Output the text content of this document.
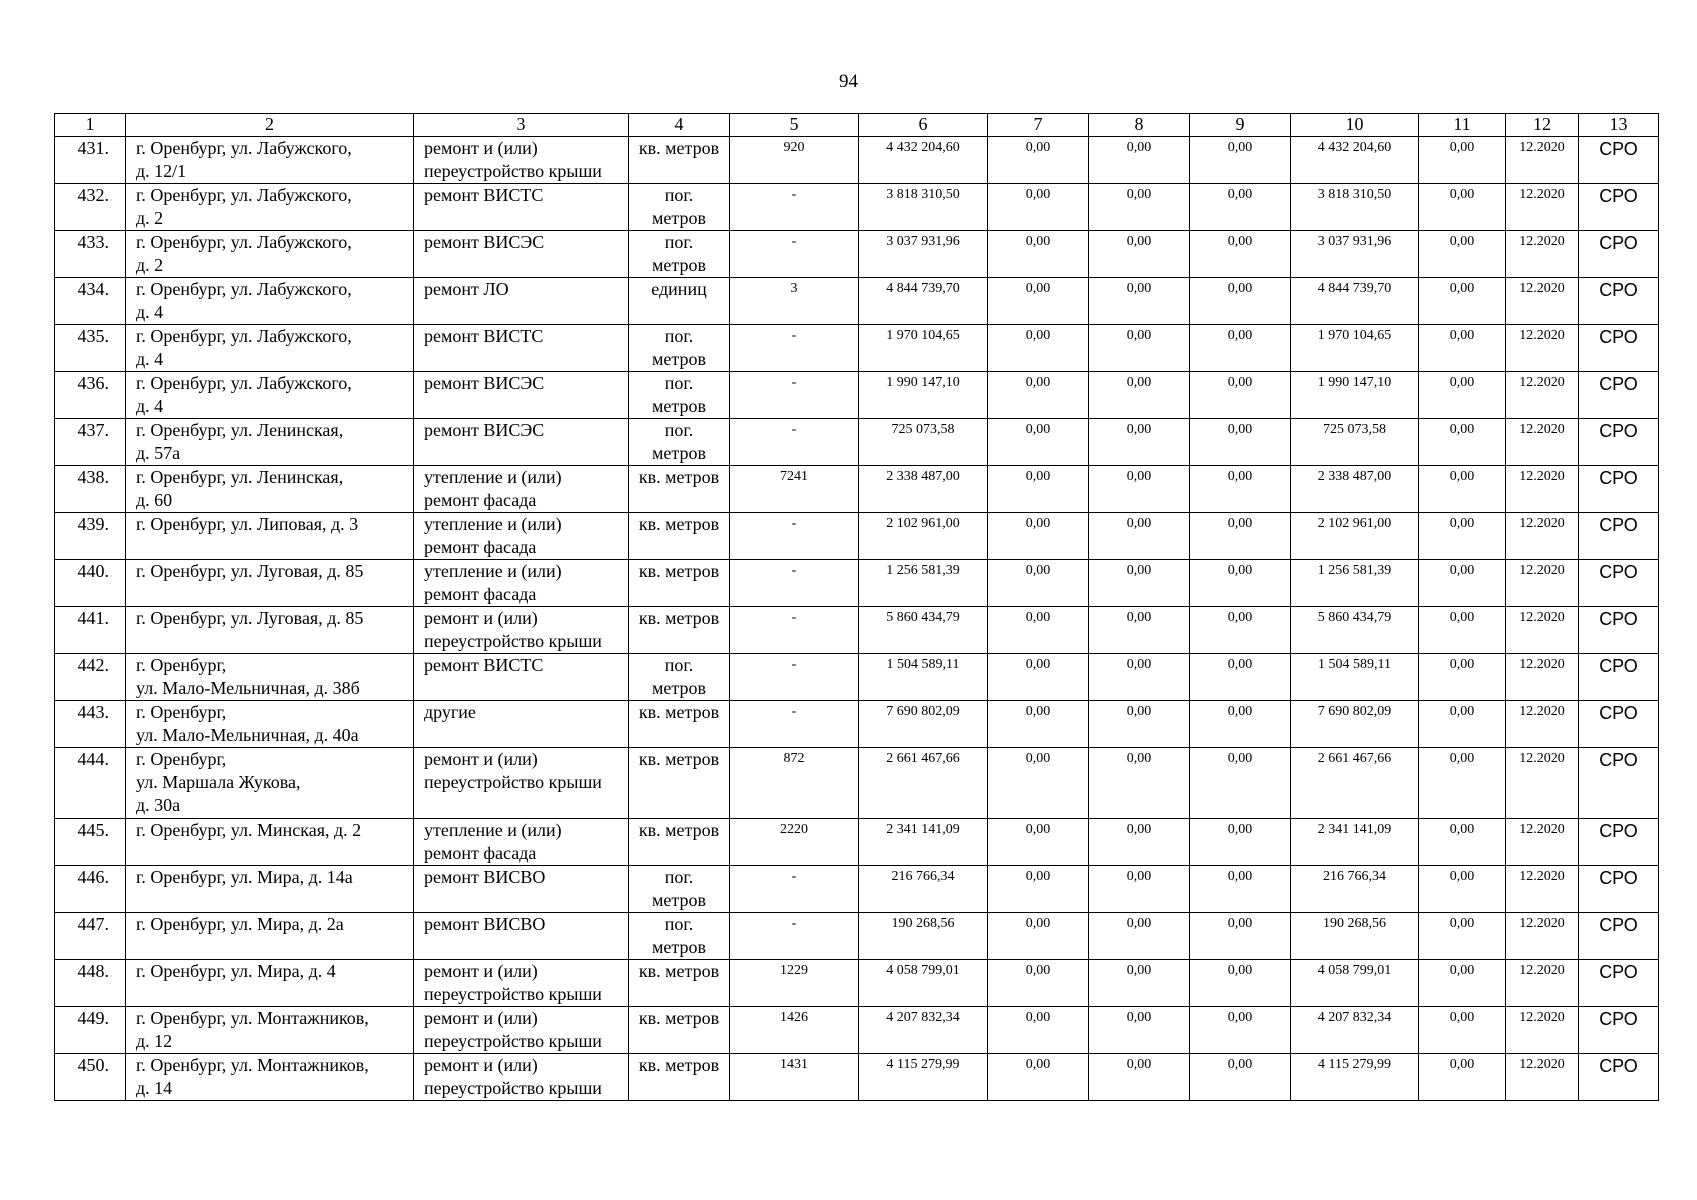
94
1	2	3	4	5	6	7	8	9	10	11	12	13
431.	г. Оренбург, ул. Лабужского,
д. 12/1	ремонт и (или)
переустройство крыши	кв. метров	920	4 432 204,60	0,00	0,00	0,00	4 432 204,60	0,00	12.2020	СРО
432.	г. Оренбург, ул. Лабужского,
д. 2	ремонт ВИСТС	пог.
метров	-	3 818 310,50	0,00	0,00	0,00	3 818 310,50	0,00	12.2020	СРО
433.	г. Оренбург, ул. Лабужского,
д. 2	ремонт ВИСЭС	пог.
метров	-	3 037 931,96	0,00	0,00	0,00	3 037 931,96	0,00	12.2020	СРО
434.	г. Оренбург, ул. Лабужского,
д. 4	ремонт ЛО	единиц	3	4 844 739,70	0,00	0,00	0,00	4 844 739,70	0,00	12.2020	СРО
435.	г. Оренбург, ул. Лабужского,
д. 4	ремонт ВИСТС	пог.
метров	-	1 970 104,65	0,00	0,00	0,00	1 970 104,65	0,00	12.2020	СРО
436.	г. Оренбург, ул. Лабужского,
д. 4	ремонт ВИСЭС	пог.
метров	-	1 990 147,10	0,00	0,00	0,00	1 990 147,10	0,00	12.2020	СРО
437.	г. Оренбург, ул. Ленинская,
д. 57а	ремонт ВИСЭС	пог.
метров	-	725 073,58	0,00	0,00	0,00	725 073,58	0,00	12.2020	СРО
438.	г. Оренбург, ул. Ленинская,
д. 60	утепление и (или)
ремонт фасада	кв. метров	7241	2 338 487,00	0,00	0,00	0,00	2 338 487,00	0,00	12.2020	СРО
439.	г. Оренбург, ул. Липовая, д. 3	утепление и (или)
ремонт фасада	кв. метров	-	2 102 961,00	0,00	0,00	0,00	2 102 961,00	0,00	12.2020	СРО
440.	г. Оренбург, ул. Луговая, д. 85	утепление и (или)
ремонт фасада	кв. метров	-	1 256 581,39	0,00	0,00	0,00	1 256 581,39	0,00	12.2020	СРО
441.	г. Оренбург, ул. Луговая, д. 85	ремонт и (или)
переустройство крыши	кв. метров	-	5 860 434,79	0,00	0,00	0,00	5 860 434,79	0,00	12.2020	СРО
442.	г. Оренбург,
ул. Мало-Мельничная, д. 38б	ремонт ВИСТС	пог.
метров	-	1 504 589,11	0,00	0,00	0,00	1 504 589,11	0,00	12.2020	СРО
443.	г. Оренбург,
ул. Мало-Мельничная, д. 40а	другие	кв. метров	-	7 690 802,09	0,00	0,00	0,00	7 690 802,09	0,00	12.2020	СРО
444.	г. Оренбург,
ул. Маршала Жукова,
д. 30а	ремонт и (или)
переустройство крыши	кв. метров	872	2 661 467,66	0,00	0,00	0,00	2 661 467,66	0,00	12.2020	СРО
445.	г. Оренбург, ул. Минская, д. 2	утепление и (или)
ремонт фасада	кв. метров	2220	2 341 141,09	0,00	0,00	0,00	2 341 141,09	0,00	12.2020	СРО
446.	г. Оренбург, ул. Мира, д. 14а	ремонт ВИСВО	пог.
метров	-	216 766,34	0,00	0,00	0,00	216 766,34	0,00	12.2020	СРО
447.	г. Оренбург, ул. Мира, д. 2а	ремонт ВИСВО	пог.
метров	-	190 268,56	0,00	0,00	0,00	190 268,56	0,00	12.2020	СРО
448.	г. Оренбург, ул. Мира, д. 4	ремонт и (или)
переустройство крыши	кв. метров	1229	4 058 799,01	0,00	0,00	0,00	4 058 799,01	0,00	12.2020	СРО
449.	г. Оренбург, ул. Монтажников,
д. 12	ремонт и (или)
переустройство крыши	кв. метров	1426	4 207 832,34	0,00	0,00	0,00	4 207 832,34	0,00	12.2020	СРО
450.	г. Оренбург, ул. Монтажников,
д. 14	ремонт и (или)
переустройство крыши	кв. метров	1431	4 115 279,99	0,00	0,00	0,00	4 115 279,99	0,00	12.2020	СРО
